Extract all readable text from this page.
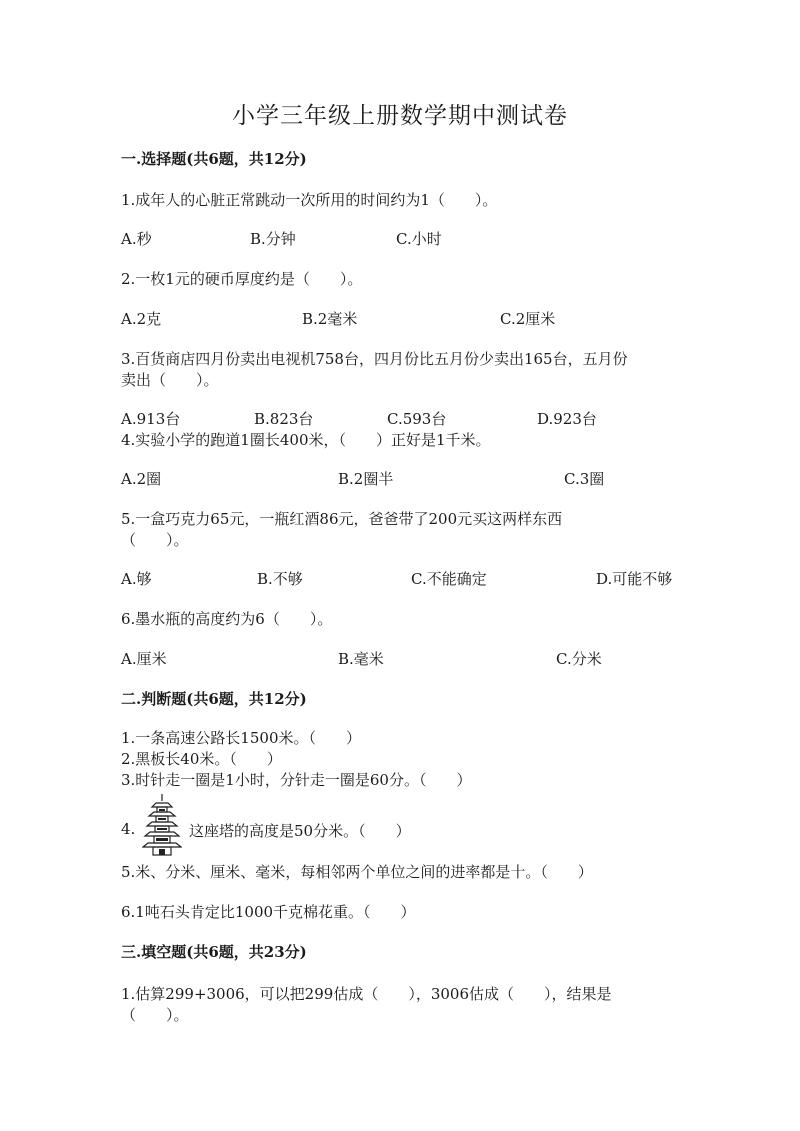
小学三年级上册数学期中测试卷
一.选择题(共6题，共12分)
1.成年人的心脏正常跳动一次所用的时间约为1（　　）。
A.秒	B.分钟	C.小时
2.一枚1元的硬币厚度约是（　　）。
A.2克	B.2毫米	C.2厘米
3.百货商店四月份卖出电视机758台，四月份比五月份少卖出165台，五月份
卖出（　　）。
A.913台	B.823台	C.593台	D.923台
4.实验小学的跑道1圈长400米，（　　）正好是1千米。
A.2圈	B.2圈半	C.3圈
5.一盒巧克力65元，一瓶红酒86元，爸爸带了200元买这两样东西
（　　）。
A.够	B.不够	C.不能确定	D.可能不够
6.墨水瓶的高度约为6（　　）。
A.厘米	B.毫米	C.分米
二.判断题(共6题，共12分)
1.一条高速公路长1500米。（　　）
2.黑板长40米。（　　）
3.时针走一圈是1小时，分针走一圈是60分。（　　）
4.	这座塔的高度是50分米。（　　）
5.米、分米、厘米、毫米，每相邻两个单位之间的进率都是十。（　　）
6.1吨石头肯定比1000千克棉花重。（　　）
三.填空题(共6题，共23分)
1.估算299+3006，可以把299估成（　　），3006估成（　　），结果是
（　　）。
